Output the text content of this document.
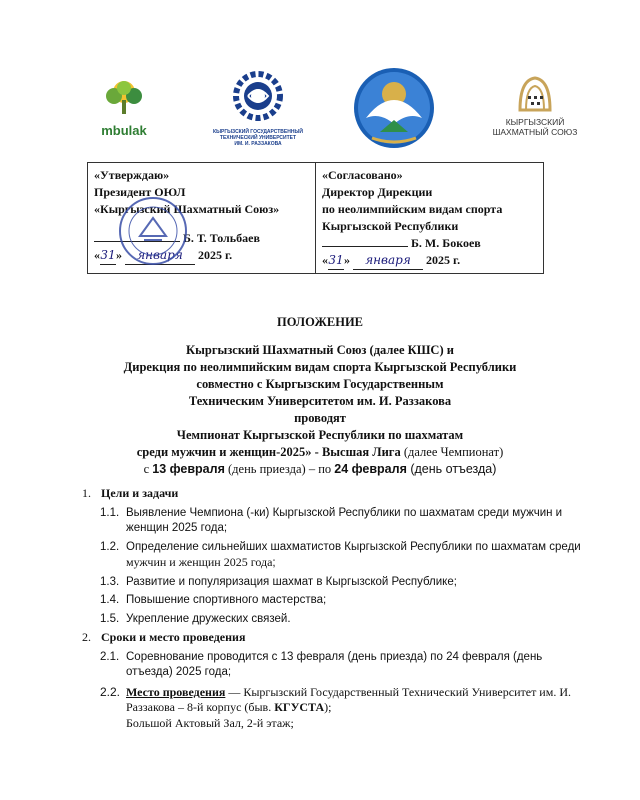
mbulak	КЫРГЫЗСКИЙ ГОСУДАРСТВЕННЫЙ
ТЕХНИЧЕСКИЙ УНИВЕРСИТЕТ
ИМ. И. РАЗЗАКОВА
КЫРГЫЗСКИЙ
ШАХМАТНЫЙ СОЮЗ
«Утверждаю»
Президент ОЮЛ
«Кыргызский Шахматный Союз»
Б. Т. Тольбаев
«31» января 2025 г.
«Согласовано»
Директор Дирекции
по неолимпийским видам спорта
Кыргызской Республики
Б. М. Бокоев
«31» января 2025 г.
ПОЛОЖЕНИЕ
Кыргызский Шахматный Союз (далее КШС) и
Дирекция по неолимпийским видам спорта Кыргызской Республики
совместно с Кыргызским Государственным
Техническим Университетом им. И. Раззакова
проводят
Чемпионат Кыргызской Республики по шахматам
среди мужчин и женщин-2025» - Высшая Лига (далее Чемпионат)
с 13 февраля (день приезда) – по 24 февраля (день отъезда)
1. Цели и задачи
1.1. Выявление Чемпиона (-ки) Кыргызской Республики по шахматам среди мужчин и женщин 2025 года;
1.2. Определение сильнейших шахматистов Кыргызской Республики по шахматам среди мужчин и женщин 2025 года;
1.3. Развитие и популяризация шахмат в Кыргызской Республике;
1.4. Повышение спортивного мастерства;
1.5. Укрепление дружеских связей.
2. Сроки и место проведения
2.1. Соревнование проводится с 13 февраля (день приезда) по 24 февраля (день отъезда) 2025 года;
2.2. Место проведения — Кыргызский Государственный Технический Университет им. И. Раззакова – 8-й корпус (быв. КГУСТА);
Большой Актовый Зал, 2-й этаж;
